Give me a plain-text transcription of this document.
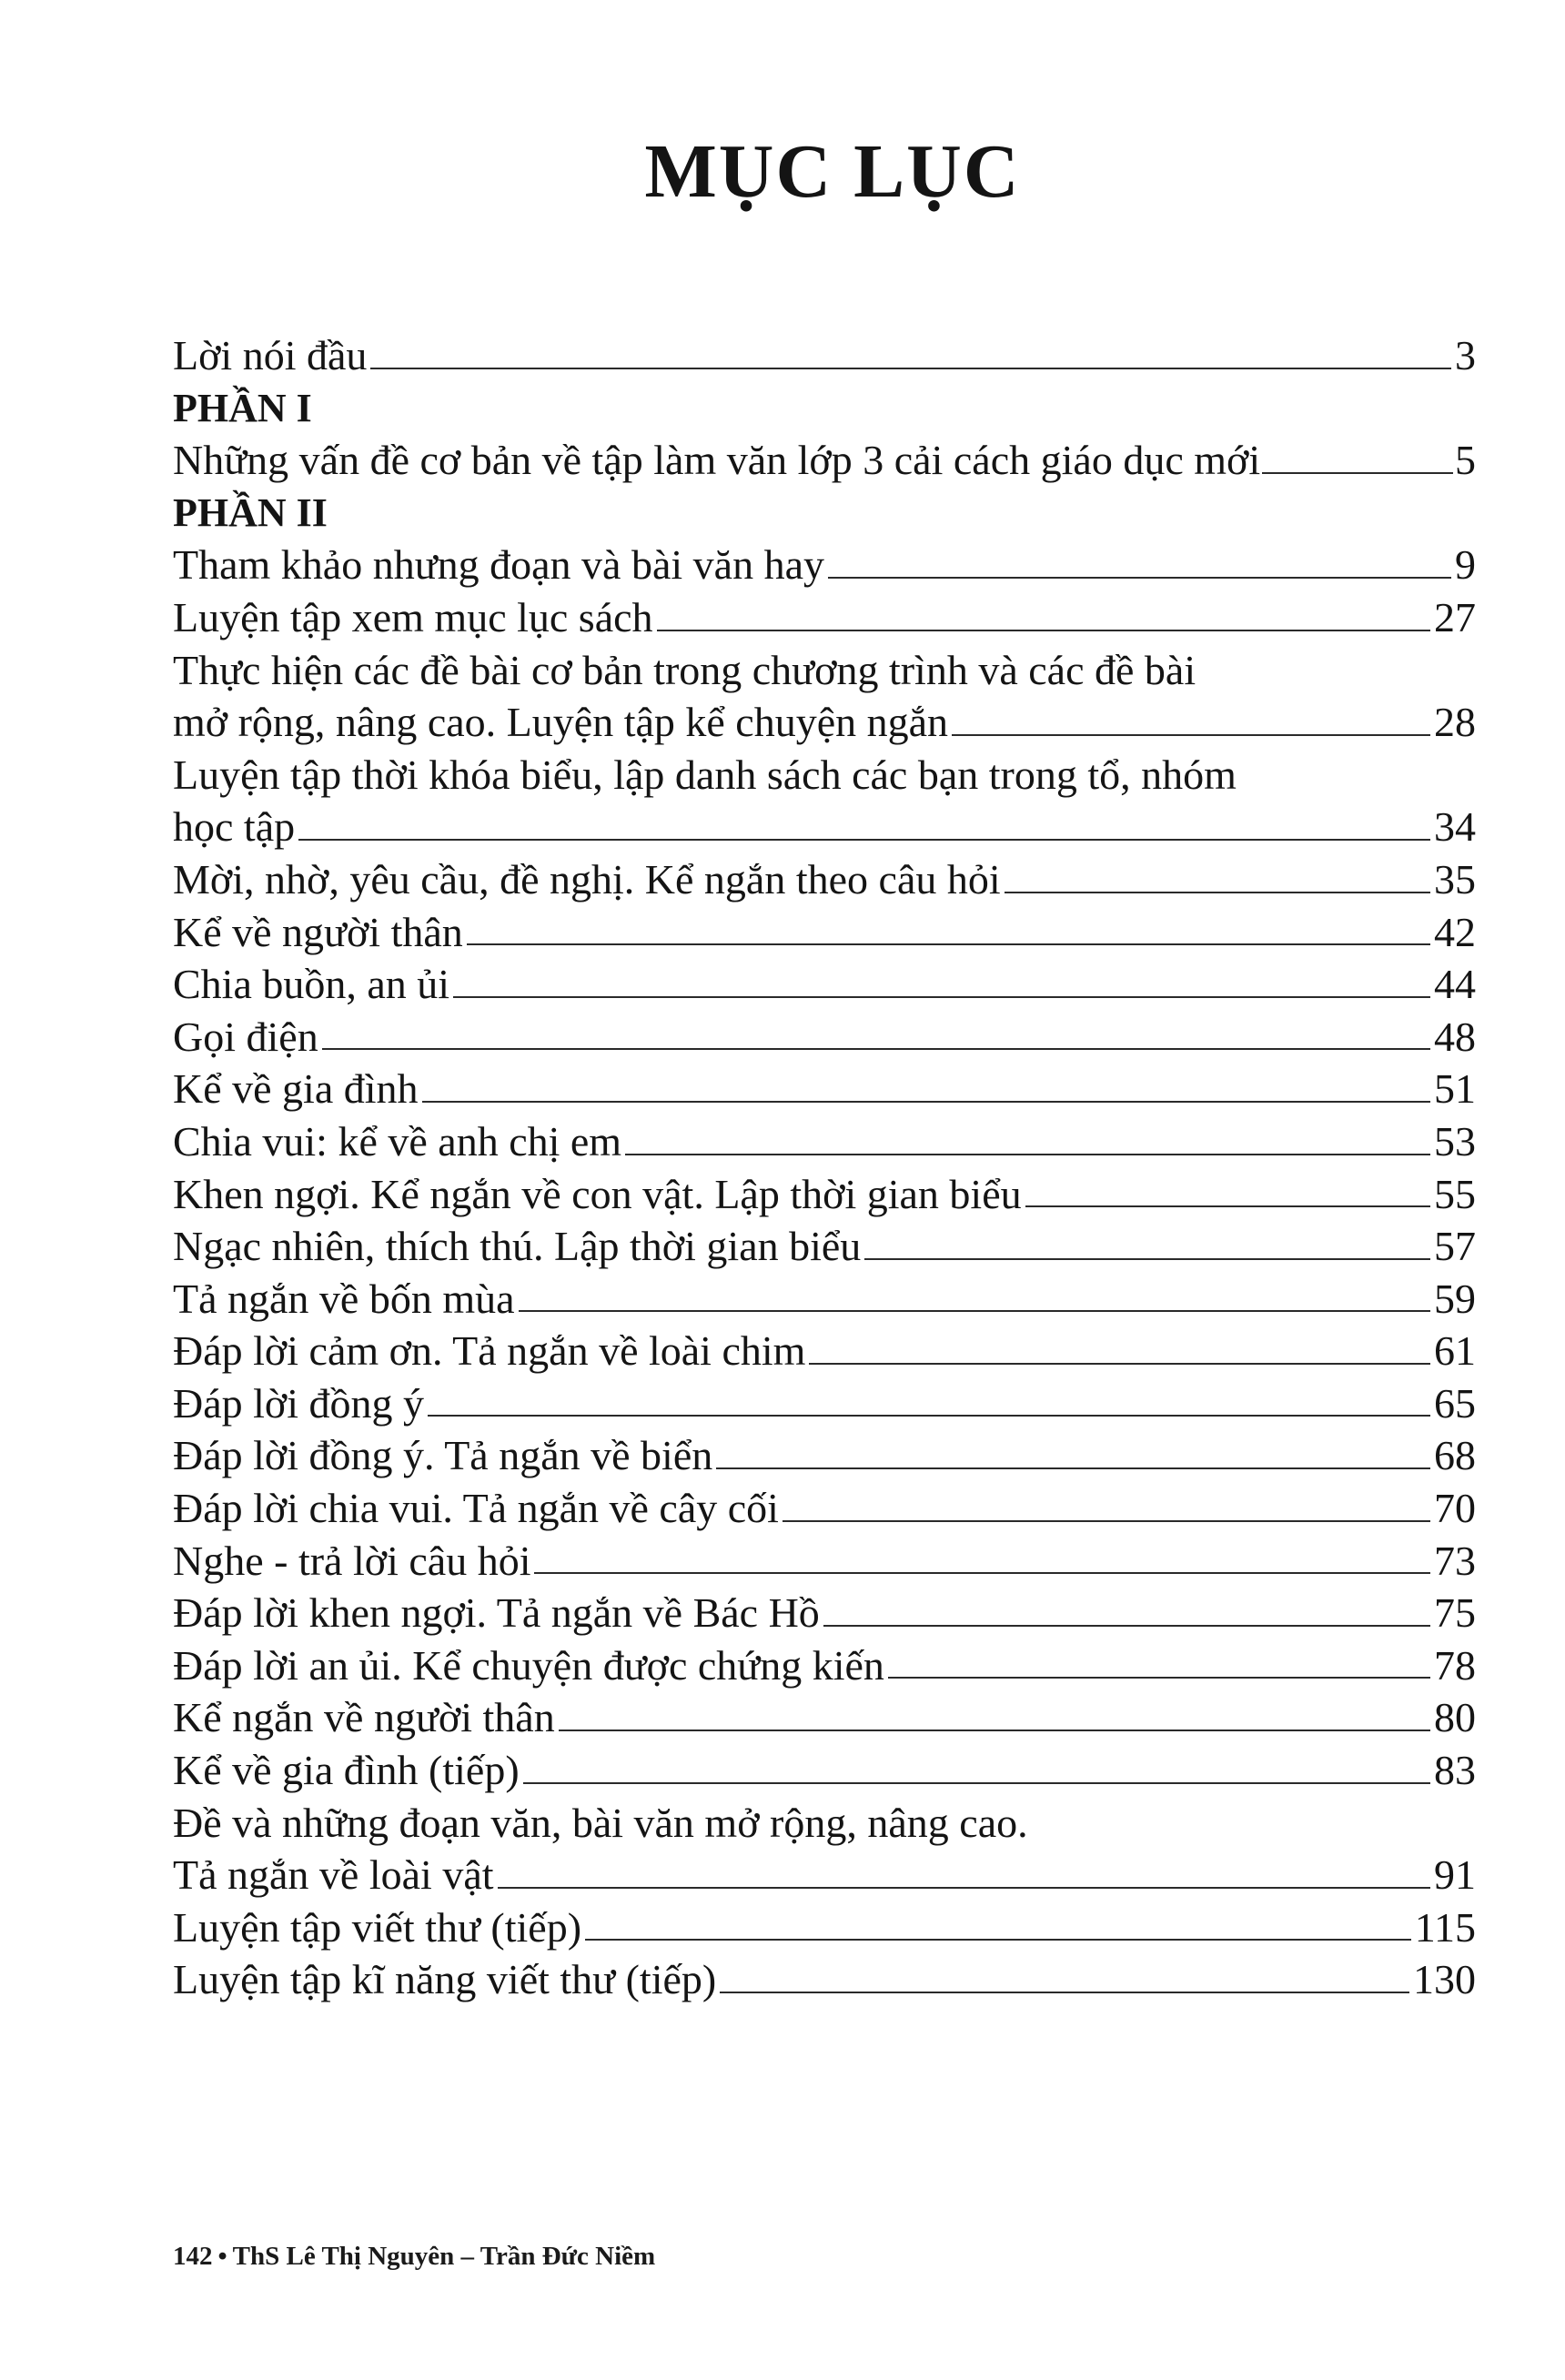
MỤC LỤC
Lời nói đầu	3
PHẦN I
Những vấn đề cơ bản về tập làm văn lớp 3 cải cách giáo dục mới	5
PHẦN II
Tham khảo nhưng đoạn và bài văn hay	9
Luyện tập xem mục lục sách	27
Thực hiện các đề bài cơ bản trong chương trình và các đề bài
mở rộng, nâng cao. Luyện tập kể chuyện ngắn	28
Luyện tập thời khóa biểu, lập danh sách các bạn trong tổ, nhóm
học tập	34
Mời, nhờ, yêu cầu, đề nghị. Kể ngắn theo câu hỏi	35
Kể về người thân	42
Chia buồn, an ủi	44
Gọi điện	48
Kể về gia đình	51
Chia vui: kể về anh chị em	53
Khen ngợi. Kể ngắn về con vật. Lập thời gian biểu	55
Ngạc nhiên, thích thú. Lập thời gian biểu	57
Tả ngắn về bốn mùa	59
Đáp lời cảm ơn. Tả ngắn về loài chim	61
Đáp lời đồng ý	65
Đáp lời đồng ý. Tả ngắn về biển	68
Đáp lời chia vui. Tả ngắn về cây cối	70
Nghe - trả lời câu hỏi	73
Đáp lời khen ngợi. Tả ngắn về Bác Hồ	75
Đáp lời an ủi. Kể chuyện được chứng kiến	78
Kể ngắn về người thân	80
Kể về gia đình (tiếp)	83
Đề và những đoạn văn, bài văn mở rộng, nâng cao.
Tả ngắn về loài vật	91
Luyện tập viết thư (tiếp)	115
Luyện tập kĩ năng viết thư (tiếp)	130
142 • ThS Lê Thị Nguyên – Trần Đức Niềm
